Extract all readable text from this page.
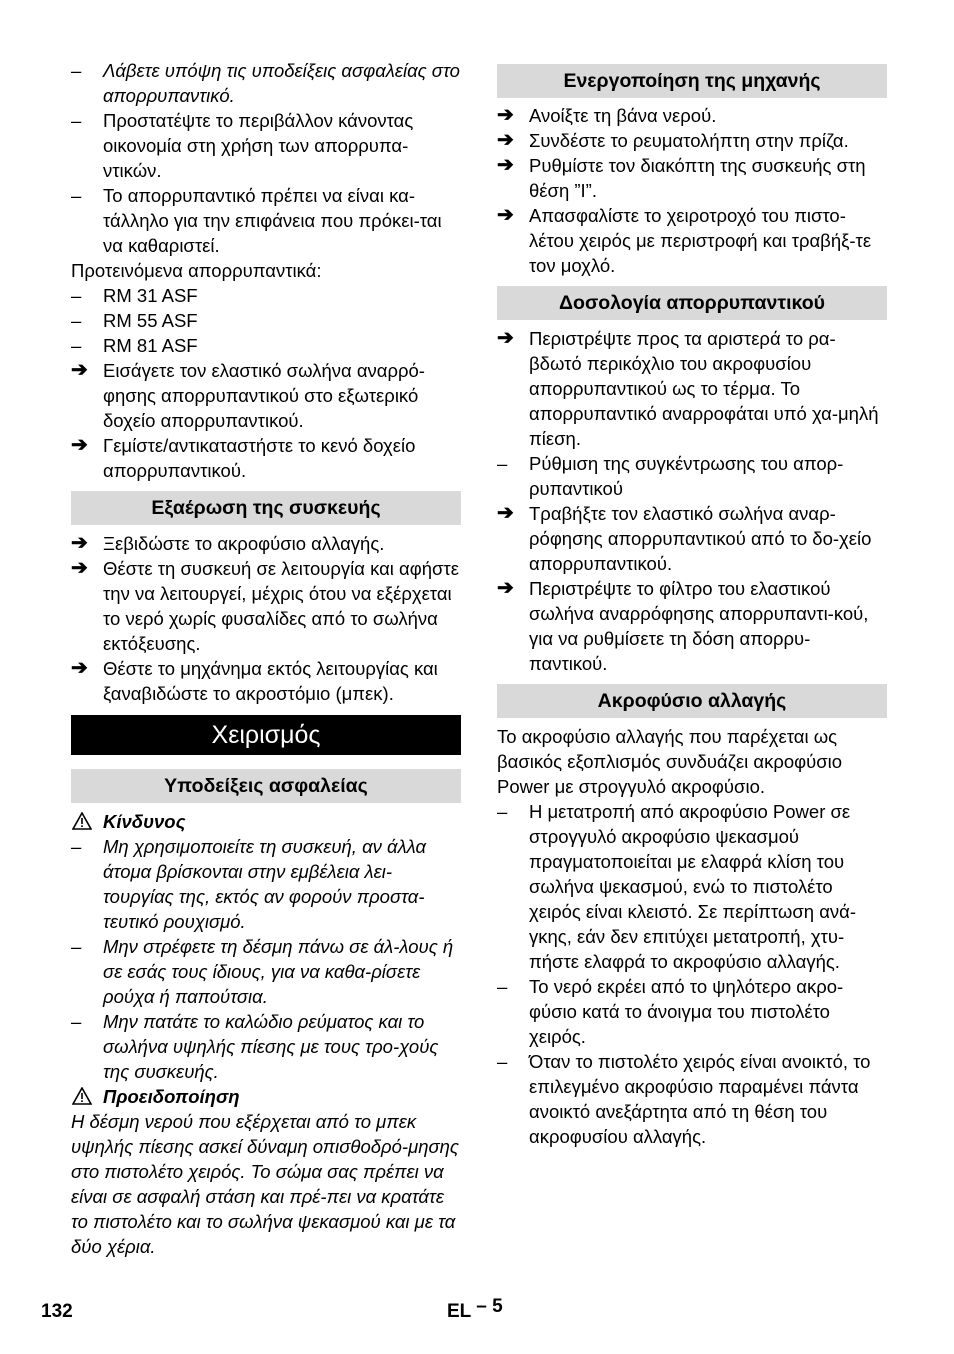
–	Λάβετε υπόψη τις υποδείξεις ασφαλείας στο απορρυπαντικό.
–	Προστατέψτε το περιβάλλον κάνοντας οικονομία στη χρήση των απορρυπα-ντικών.
–	Το απορρυπαντικό πρέπει να είναι κα-τάλληλο για την επιφάνεια που πρόκει-ται να καθαριστεί.
Προτεινόμενα απορρυπαντικά:
–	RM 31 ASF
–	RM 55 ASF
–	RM 81 ASF
➔ Εισάγετε τον ελαστικό σωλήνα αναρρό-φησης απορρυπαντικού στο εξωτερικό δοχείο απορρυπαντικού.
➔ Γεμίστε/αντικαταστήστε το κενό δοχείο απορρυπαντικού.
Εξαέρωση της συσκευής
➔ Ξεβιδώστε το ακροφύσιο αλλαγής.
➔ Θέστε τη συσκευή σε λειτουργία και αφήστε την να λειτουργεί, μέχρις ότου να εξέρχεται το νερό χωρίς φυσαλίδες από το σωλήνα εκτόξευσης.
➔ Θέστε το μηχάνημα εκτός λειτουργίας και ξαναβιδώστε το ακροστόμιο (μπεκ).
Χειρισμός
Υποδείξεις ασφαλείας
Κίνδυνος
–	Μη χρησιμοποιείτε τη συσκευή, αν άλλα άτομα βρίσκονται στην εμβέλεια λει-τουργίας της, εκτός αν φορούν προστα-τευτικό ρουχισμό.
–	Μην στρέφετε τη δέσμη πάνω σε άλ-λους ή σε εσάς τους ίδιους, για να καθα-ρίσετε ρούχα ή παπούτσια.
–	Μην πατάτε το καλώδιο ρεύματος και το σωλήνα υψηλής πίεσης με τους τρο-χούς της συσκευής.
Προειδοποίηση
Η δέσμη νερού που εξέρχεται από το μπεκ υψηλής πίεσης ασκεί δύναμη οπισθοδρό-μησης στο πιστολέτο χειρός. Το σώμα σας πρέπει να είναι σε ασφαλή στάση και πρέ-πει να κρατάτε το πιστολέτο και το σωλήνα ψεκασμού και με τα δύο χέρια.
Ενεργοποίηση της μηχανής
➔ Ανοίξτε τη βάνα νερού.
➔ Συνδέστε το ρευματολήπτη στην πρίζα.
➔ Ρυθμίστε τον διακόπτη της συσκευής στη θέση ”I”.
➔ Απασφαλίστε το χειροτροχό του πιστο-λέτου χειρός με περιστροφή και τραβήξ-τε τον μοχλό.
Δοσολογία απορρυπαντικού
➔ Περιστρέψτε προς τα αριστερά το ρα-βδωτό περικόχλιο του ακροφυσίου απορρυπαντικού ως το τέρμα. Το απορρυπαντικό αναρροφάται υπό χα-μηλή πίεση.
–	Ρύθμιση της συγκέντρωσης του απορ-ρυπαντικού
➔ Τραβήξτε τον ελαστικό σωλήνα αναρ-ρόφησης απορρυπαντικού από το δο-χείο απορρυπαντικού.
➔ Περιστρέψτε το φίλτρο του ελαστικού σωλήνα αναρρόφησης απορρυπαντι-κού, για να ρυθμίσετε τη δόση απορρυ-παντικού.
Ακροφύσιο αλλαγής
Το ακροφύσιο αλλαγής που παρέχεται ως βασικός εξοπλισμός συνδυάζει ακροφύσιο Power με στρογγυλό ακροφύσιο.
–	Η μετατροπή από ακροφύσιο Power σε στρογγυλό ακροφύσιο ψεκασμού πραγματοποιείται με ελαφρά κλίση του σωλήνα ψεκασμού, ενώ το πιστολέτο χειρός είναι κλειστό. Σε περίπτωση ανά-γκης, εάν δεν επιτύχει μετατροπή, χτυ-πήστε ελαφρά το ακροφύσιο αλλαγής.
–	Το νερό εκρέει από το ψηλότερο ακρο-φύσιο κατά το άνοιγμα του πιστολέτο χειρός.
–	Όταν το πιστολέτο χειρός είναι ανοικτό, το επιλεγμένο ακροφύσιο παραμένει πάντα ανοικτό ανεξάρτητα από τη θέση του ακροφυσίου αλλαγής.
132	EL – 5
